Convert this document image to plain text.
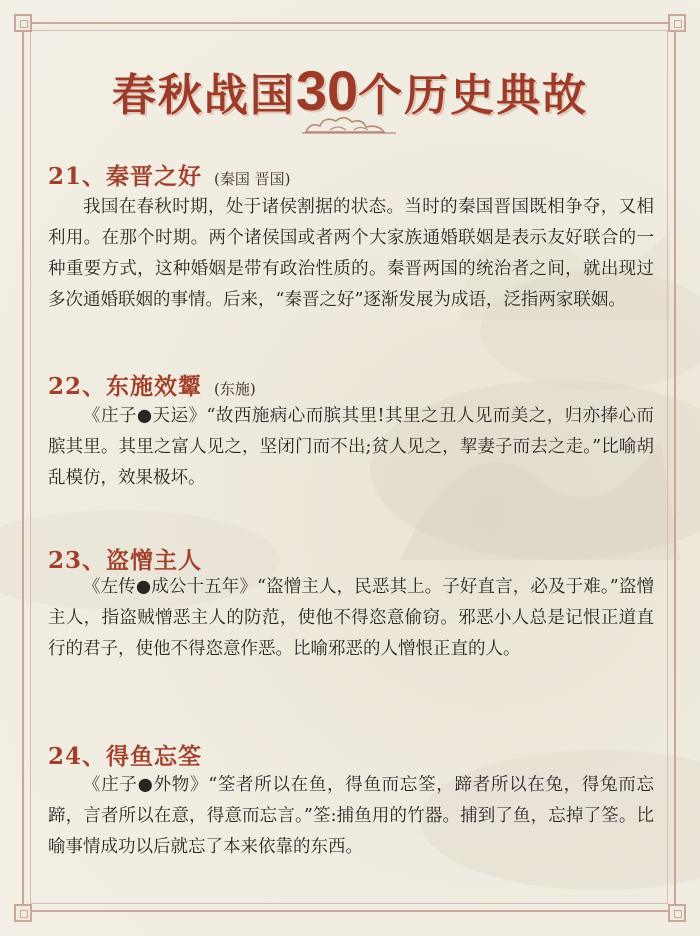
春秋战国30个历史典故
21、秦晋之好 (秦国 晋国)

我国在春秋时期，处于诸侯割据的状态。当时的秦国晋国既相争夺，又相利用。在那个时期。两个诸侯国或者两个大家族通婚联姻是表示友好联合的一种重要方式，这种婚姻是带有政治性质的。秦晋两国的统治者之间，就出现过多次通婚联姻的事情。后来，“秦晋之好”逐渐发展为成语，泛指两家联姻。

22、东施效颦 (东施)

《庄子●天运》“故西施病心而膑其里!其里之丑人见而美之，归亦捧心而膑其里。其里之富人见之，坚闭门而不出;贫人见之，挈妻子而去之走。”比喻胡乱模仿，效果极坏。

23、盗憎主人

《左传●成公十五年》“盗憎主人，民恶其上。子好直言，必及于难。”盗憎主人，指盗贼憎恶主人的防范，使他不得恣意偷窃。邪恶小人总是记恨正道直行的君子，使他不得恣意作恶。比喻邪恶的人憎恨正直的人。

24、得鱼忘筌

《庄子●外物》“筌者所以在鱼，得鱼而忘筌，蹄者所以在兔，得兔而忘蹄，言者所以在意，得意而忘言。”筌:捕鱼用的竹器。捕到了鱼，忘掉了筌。比喻事情成功以后就忘了本来依靠的东西。
